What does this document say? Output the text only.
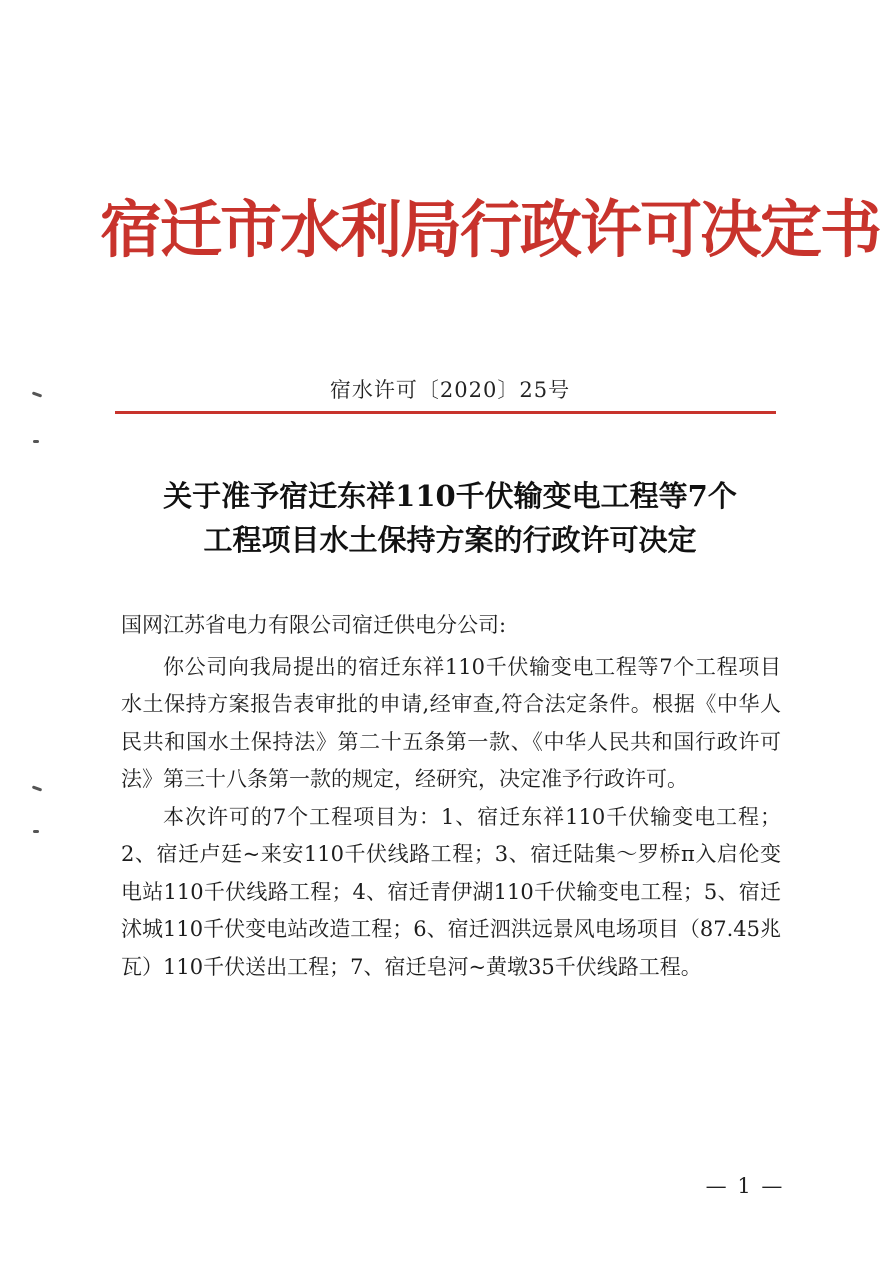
宿迁市水利局行政许可决定书
宿水许可〔2020〕25号
关于准予宿迁东祥110千伏输变电工程等7个
工程项目水土保持方案的行政许可决定

国网江苏省电力有限公司宿迁供电分公司:

你公司向我局提出的宿迁东祥110千伏输变电工程等7个工程项目水土保持方案报告表审批的申请,经审查,符合法定条件。根据《中华人民共和国水土保持法》第二十五条第一款、《中华人民共和国行政许可法》第三十八条第一款的规定，经研究，决定准予行政许可。

本次许可的7个工程项目为：1、宿迁东祥110千伏输变电工程；2、宿迁卢廷~来安110千伏线路工程；3、宿迁陆集～罗桥π入启伦变电站110千伏线路工程；4、宿迁青伊湖110千伏输变电工程；5、宿迁沭城110千伏变电站改造工程；6、宿迁泗洪远景风电场项目（87.45兆瓦）110千伏送出工程；7、宿迁皂河~黄墩35千伏线路工程。

— 1 —
